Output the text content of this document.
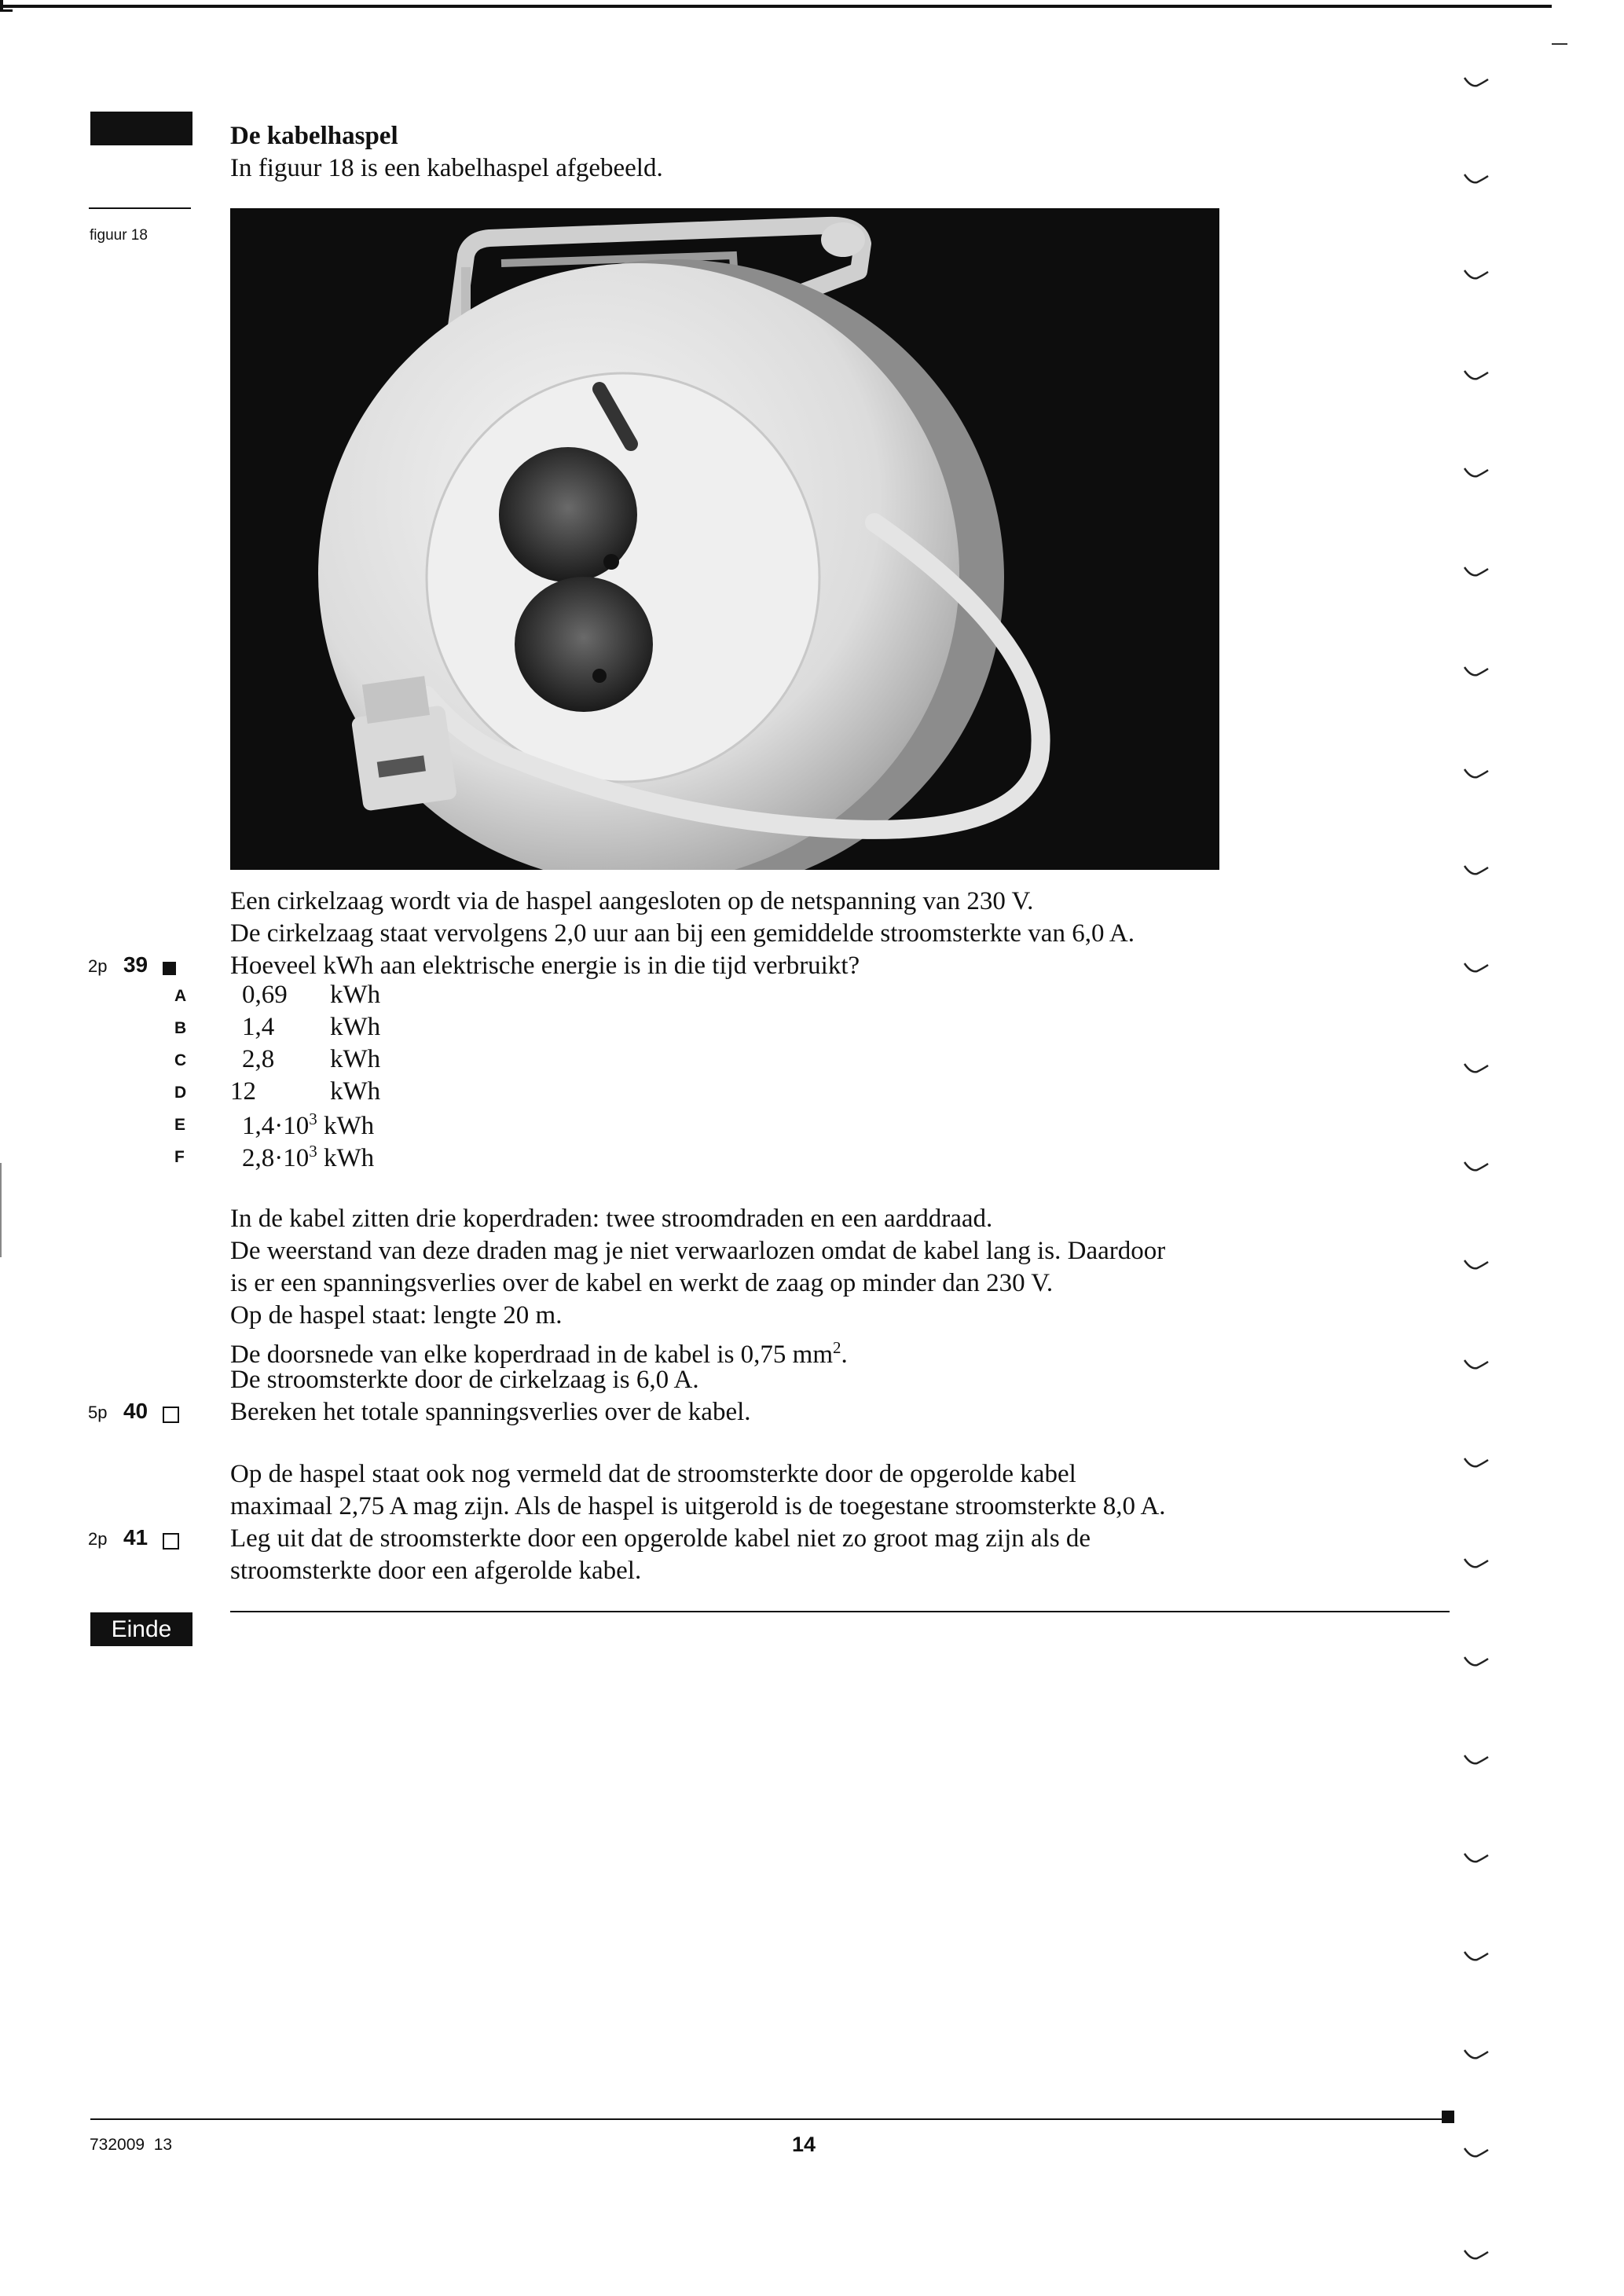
De kabelhaspel
In figuur 18 is een kabelhaspel afgebeeld.
figuur 18
Een cirkelzaag wordt via de haspel aangesloten op de netspanning van 230 V.
De cirkelzaag staat vervolgens 2,0 uur aan bij een gemiddelde stroomsterkte van 6,0 A.
2p 39	Hoeveel kWh aan elektrische energie is in die tijd verbruikt?
A 0,69 kWh
B 1,4 kWh
C 2,8 kWh
D 12	kWh
E $1,4\cdot 10^3$ kWh
F $2,8\cdot 10^3$ kWh
In de kabel zitten drie koperdraden: twee stroomdraden en een aarddraad.
De weerstand van deze draden mag je niet verwaarlozen omdat de kabel lang is. Daardoor
is er een spanningsverlies over de kabel en werkt de zaag op minder dan 230 V.
Op de haspel staat: lengte 20 m.
De doorsnede van elke koperdraad in de kabel is 0,75 $mm^2$.
De stroomsterkte door de cirkelzaag is 6,0 A.
5p 40	Bereken het totale spanningsverlies over de kabel.
Op de haspel staat ook nog vermeld dat de stroomsterkte door de opgerolde kabel
maximaal 2,75 A mag zijn. Als de haspel is uitgerold is de toegestane stroomsterkte 8,0 A.
2p 41	Leg uit dat de stroomsterkte door een opgerolde kabel niet zo groot mag zijn als de
stroomsterkte door een afgerolde kabel.
Einde
732009  13	14
